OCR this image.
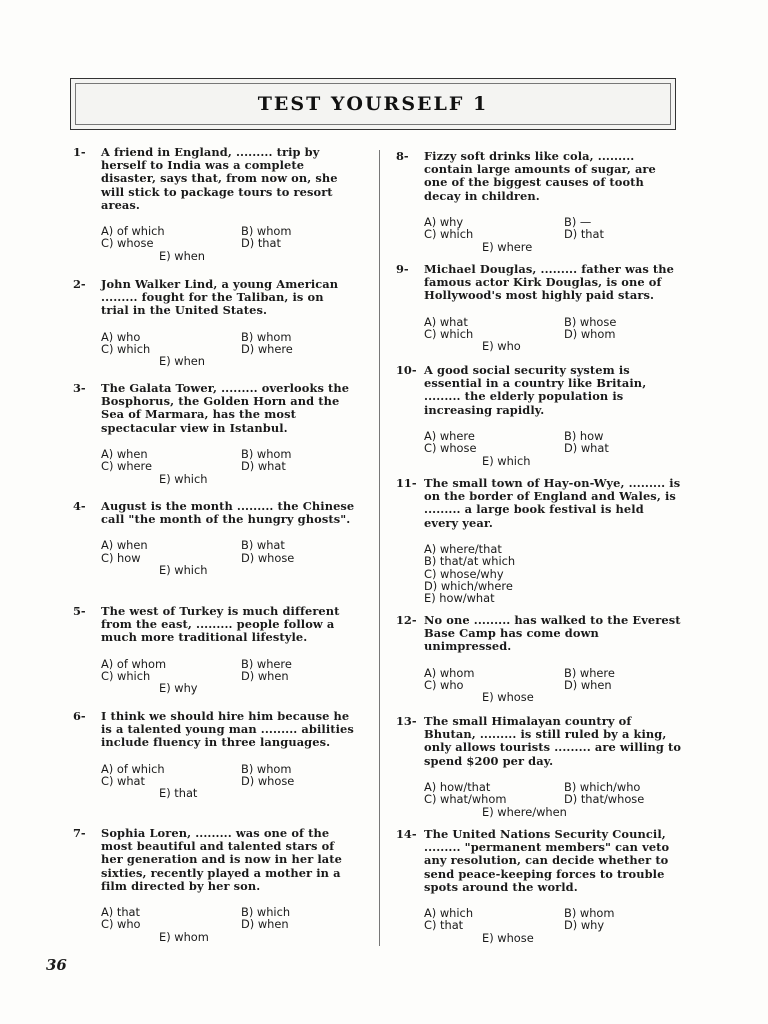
TEST YOURSELF 1
1-	A friend in England, ......... trip by herself to India was a complete disaster, says that, from now on, she will stick to package tours to resort areas.
A) of which	B) whom
C) whose	D) that
E) when
2-	John Walker Lind, a young American ......... fought for the Taliban, is on trial in the United States.
A) who	B) whom
C) which	D) where
E) when
3-	The Galata Tower, ......... overlooks the Bosphorus, the Golden Horn and the Sea of Marmara, has the most spectacular view in Istanbul.
A) when	B) whom
C) where	D) what
E) which
4-	August is the month ......... the Chinese call "the month of the hungry ghosts".
A) when	B) what
C) how	D) whose
E) which
5-	The west of Turkey is much different from the east, ......... people follow a much more traditional lifestyle.
A) of whom	B) where
C) which	D) when
E) why
6-	I think we should hire him because he is a talented young man ......... abilities include fluency in three languages.
A) of which	B) whom
C) what	D) whose
E) that
7-	Sophia Loren, ......... was one of the most beautiful and talented stars of her generation and is now in her late sixties, recently played a mother in a film directed by her son.
A) that	B) which
C) who	D) when
E) whom
8-	Fizzy soft drinks like cola, ......... contain large amounts of sugar, are one of the biggest causes of tooth decay in children.
A) why	B) —
C) which	D) that
E) where
9-	Michael Douglas, ......... father was the famous actor Kirk Douglas, is one of Hollywood's most highly paid stars.
A) what	B) whose
C) which	D) whom
E) who
10- A good social security system is essential in a country like Britain, ......... the elderly population is increasing rapidly.
A) where	B) how
C) whose	D) what
E) which
11- The small town of Hay-on-Wye, ......... is on the border of England and Wales, is ......... a large book festival is held every year.
A) where/that
B) that/at which
C) whose/why
D) which/where
E) how/what
12- No one ......... has walked to the Everest Base Camp has come down unimpressed.
A) whom	B) where
C) who	D) when
E) whose
13- The small Himalayan country of Bhutan, ......... is still ruled by a king, only allows tourists ......... are willing to spend $200 per day.
A) how/that	B) which/who
C) what/whom	D) that/whose
E) where/when
14- The United Nations Security Council, ......... "permanent members" can veto any resolution, can decide whether to send peace-keeping forces to trouble spots around the world.
A) which	B) whom
C) that	D) why
E) whose
36
